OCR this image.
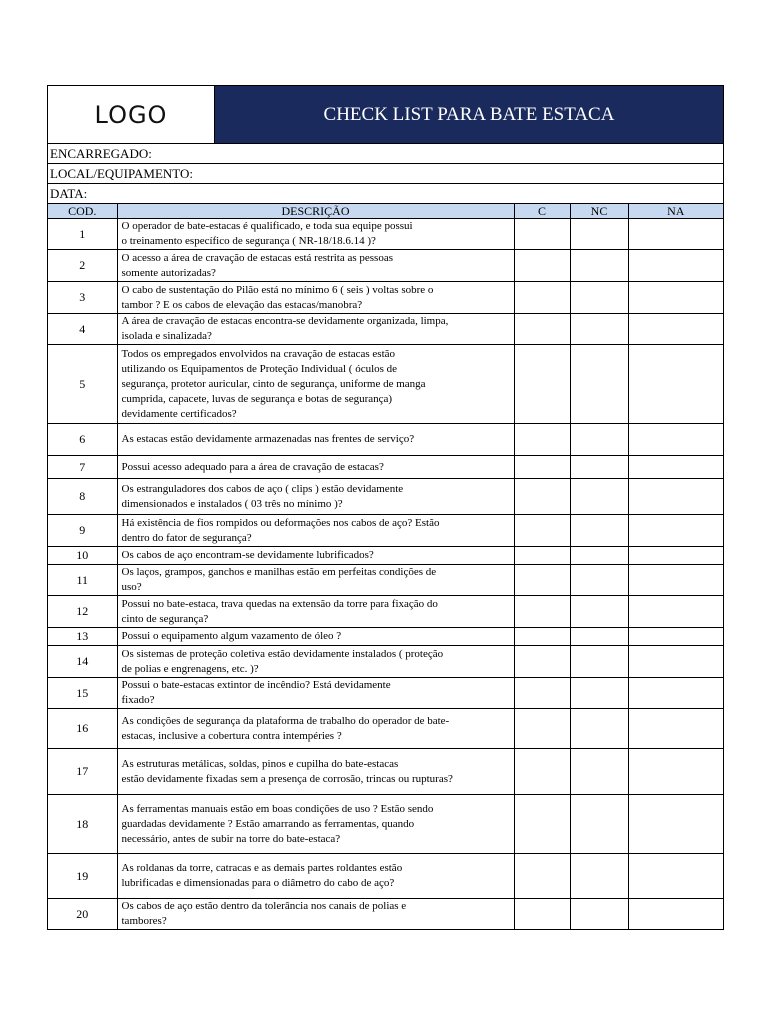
LOGO	CHECK LIST PARA BATE ESTACA
ENCARREGADO:
LOCAL/EQUIPAMENTO:
DATA:
COD.	DESCRIÇÃO	C	NC	NA
1	O operador de bate-estacas é qualificado, e toda sua equipe possui
o treinamento específico de segurança ( NR-18/18.6.14 )?			
2	O acesso a área de cravação de estacas está restrita as pessoas
somente autorizadas?			
3	O cabo de sustentação do Pilão está no mínimo 6 ( seis ) voltas sobre o
tambor ? E os cabos de elevação das estacas/manobra?			
4	A área de cravação de estacas encontra-se devidamente organizada, limpa,
isolada e sinalizada?			
5	Todos os empregados envolvidos na cravação de estacas estão
utilizando os Equipamentos de Proteção Individual ( óculos de
segurança, protetor auricular, cinto de segurança, uniforme de manga
cumprida, capacete, luvas de segurança e botas de segurança)
devidamente certificados?			
6	As estacas estão devidamente armazenadas nas frentes de serviço?

7	Possui acesso adequado para a área de cravação de estacas?			
8	Os estranguladores dos cabos de aço ( clips ) estão devidamente
dimensionados e instalados ( 03 três no mínimo )?			
9	Há existência de fios rompidos ou deformações nos cabos de aço? Estão
dentro do fator de segurança?			
10	Os cabos de aço encontram-se devidamente lubrificados?			
11	Os laços, grampos, ganchos e manilhas estão em perfeitas condições de
uso?			
12	Possui no bate-estaca, trava quedas na extensão da torre para fixação do
cinto de segurança?			
13	Possui o equipamento algum vazamento de óleo ?			
14	Os sistemas de proteção coletiva estão devidamente instalados ( proteção
de polias e engrenagens, etc. )?			
15	Possui o bate-estacas extintor de incêndio? Está devidamente
fixado?			
16	As condições de segurança da plataforma de trabalho do operador de bate-
estacas, inclusive a cobertura contra intempéries ?			
17	As estruturas metálicas, soldas, pinos e cupilha do bate-estacas
estão devidamente fixadas sem a presença de corrosão, trincas ou rupturas?			
18	As ferramentas manuais estão em boas condições de uso ? Estão sendo
guardadas devidamente ? Estão amarrando as ferramentas, quando
necessário, antes de subir na torre do bate-estaca?			
19	As roldanas da torre, catracas e as demais partes roldantes estão
lubrificadas e dimensionadas para o diâmetro do cabo de aço?			
20	Os cabos de aço estão dentro da tolerância nos canais de polias e
tambores?			
